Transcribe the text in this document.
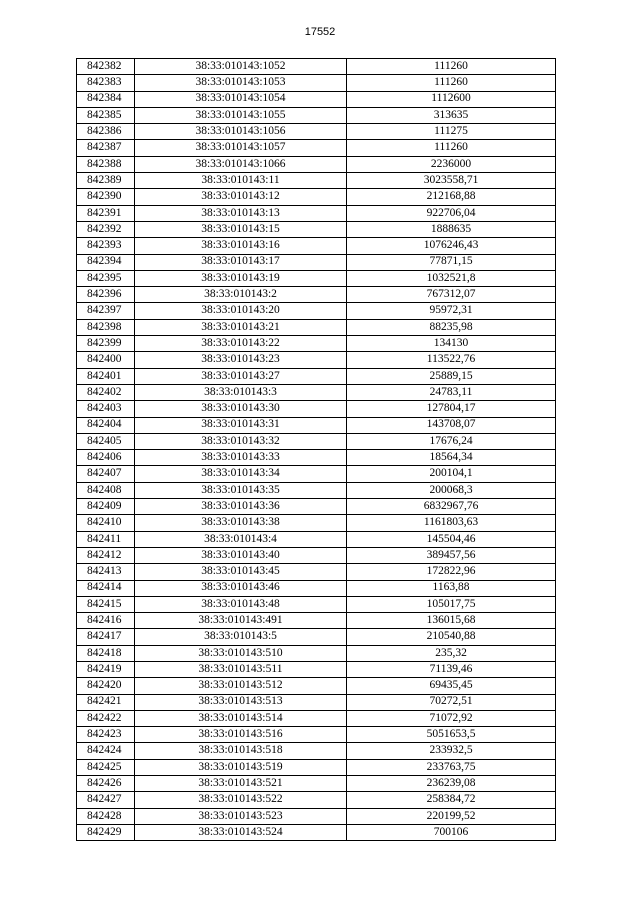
17552
842382	38:33:010143:1052	111260
842383	38:33:010143:1053	111260
842384	38:33:010143:1054	1112600
842385	38:33:010143:1055	313635
842386	38:33:010143:1056	111275
842387	38:33:010143:1057	111260
842388	38:33:010143:1066	2236000
842389	38:33:010143:11	3023558,71
842390	38:33:010143:12	212168,88
842391	38:33:010143:13	922706,04
842392	38:33:010143:15	1888635
842393	38:33:010143:16	1076246,43
842394	38:33:010143:17	77871,15
842395	38:33:010143:19	1032521,8
842396	38:33:010143:2	767312,07
842397	38:33:010143:20	95972,31
842398	38:33:010143:21	88235,98
842399	38:33:010143:22	134130
842400	38:33:010143:23	113522,76
842401	38:33:010143:27	25889,15
842402	38:33:010143:3	24783,11
842403	38:33:010143:30	127804,17
842404	38:33:010143:31	143708,07
842405	38:33:010143:32	17676,24
842406	38:33:010143:33	18564,34
842407	38:33:010143:34	200104,1
842408	38:33:010143:35	200068,3
842409	38:33:010143:36	6832967,76
842410	38:33:010143:38	1161803,63
842411	38:33:010143:4	145504,46
842412	38:33:010143:40	389457,56
842413	38:33:010143:45	172822,96
842414	38:33:010143:46	1163,88
842415	38:33:010143:48	105017,75
842416	38:33:010143:491	136015,68
842417	38:33:010143:5	210540,88
842418	38:33:010143:510	235,32
842419	38:33:010143:511	71139,46
842420	38:33:010143:512	69435,45
842421	38:33:010143:513	70272,51
842422	38:33:010143:514	71072,92
842423	38:33:010143:516	5051653,5
842424	38:33:010143:518	233932,5
842425	38:33:010143:519	233763,75
842426	38:33:010143:521	236239,08
842427	38:33:010143:522	258384,72
842428	38:33:010143:523	220199,52
842429	38:33:010143:524	700106
